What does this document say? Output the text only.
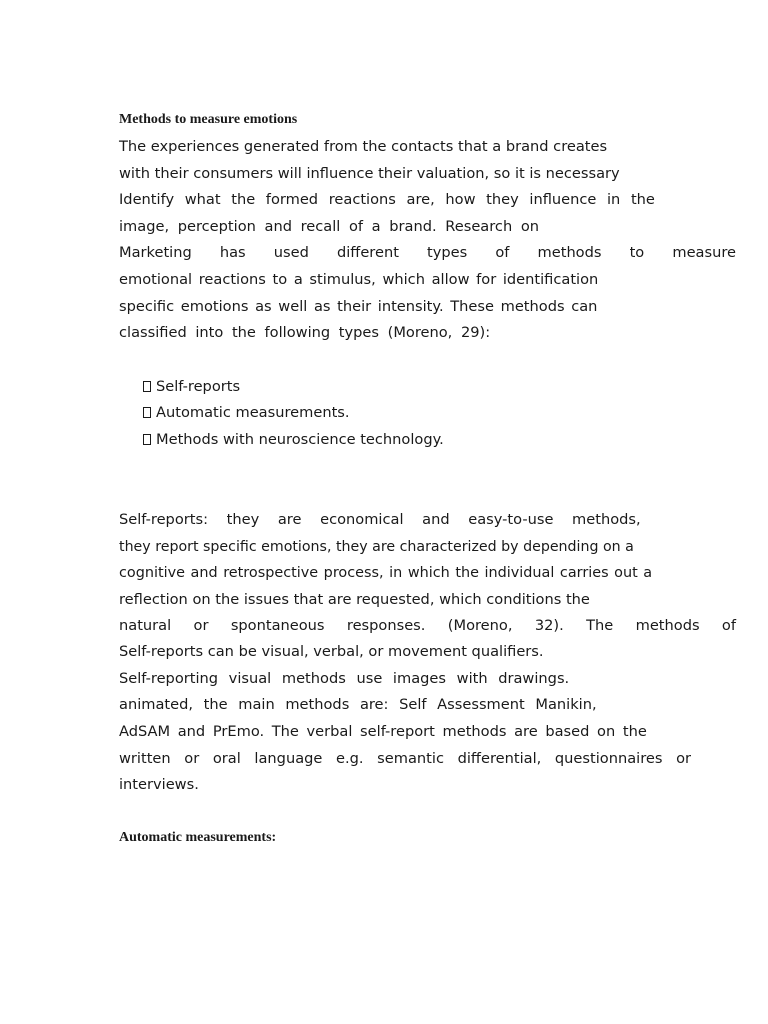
Methods to measure emotions

The experiences generated from the contacts that a brand creates

with their consumers will influence their valuation, so it is necessary

Identify what the formed reactions are, how they influence in the

image, perception and recall of a brand. Research on

Marketing has used different types of methods to measure

emotional reactions to a stimulus, which allow for identification

specific emotions as well as their intensity. These methods can

classified into the following types (Moreno, 29):

Self-reports
Automatic measurements.
Methods with neuroscience technology.

Self-reports: they are economical and easy-to-use methods,

they report specific emotions, they are characterized by depending on a

cognitive and retrospective process, in which the individual carries out a

reflection on the issues that are requested, which conditions the

natural or spontaneous responses. (Moreno, 32). The methods of

Self-reports can be visual, verbal, or movement qualifiers.

Self-reporting visual methods use images with drawings.

animated, the main methods are: Self Assessment Manikin,

AdSAM and PrEmo. The verbal self-report methods are based on the

written or oral language e.g. semantic differential, questionnaires or

interviews.

Automatic measurements:
